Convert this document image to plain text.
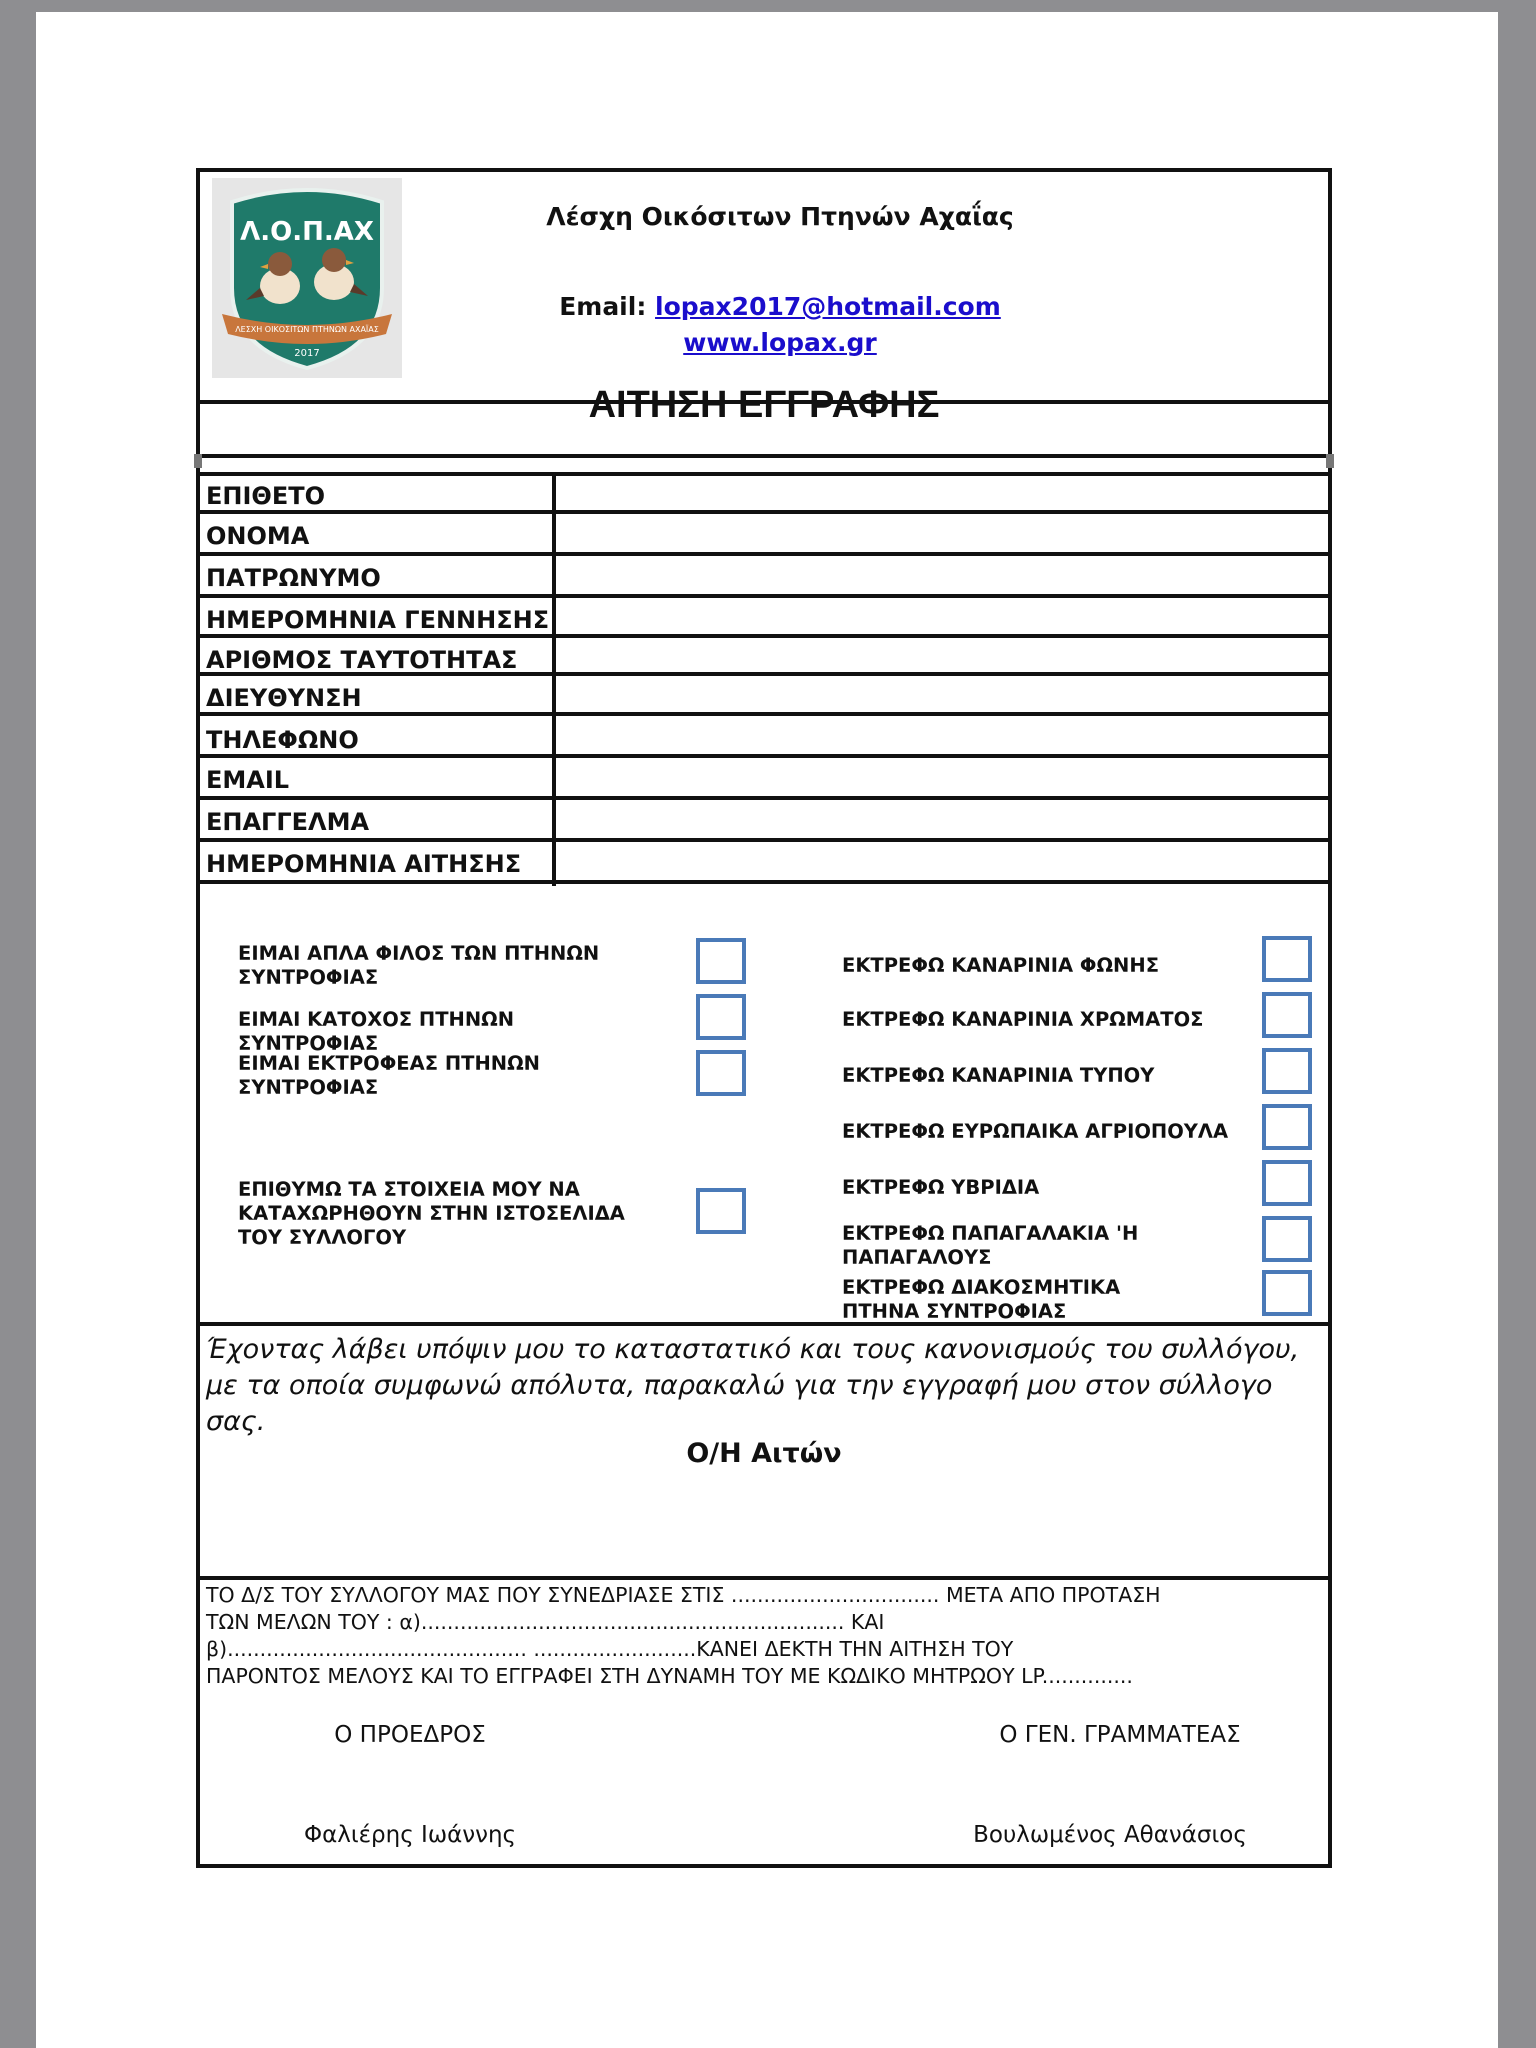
Λ.Ο.Π.ΑΧ
ΛΕΣΧΗ ΟΙΚΟΣΙΤΩΝ ΠΤΗΝΩΝ ΑΧΑΪΑΣ
2017
Λέσχη Οικόσιτων Πτηνών Αχαΐας
Email: lopax2017@hotmail.com
www.lopax.gr
ΑΙΤΗΣΗ ΕΓΓΡΑΦΗΣ
ΕΠΙΘΕΤΟ
ΟΝΟΜΑ
ΠΑΤΡΩΝΥΜΟ
ΗΜΕΡΟΜΗΝΙΑ ΓΕΝΝΗΣΗΣ
ΑΡΙΘΜΟΣ ΤΑΥΤΟΤΗΤΑΣ
ΔΙΕΥΘΥΝΣΗ
ΤΗΛΕΦΩΝΟ
EMAIL
ΕΠΑΓΓΕΛΜΑ
ΗΜΕΡΟΜΗΝΙΑ ΑΙΤΗΣΗΣ
ΕΙΜΑΙ ΑΠΛΑ ΦΙΛΟΣ ΤΩΝ ΠΤΗΝΩΝ ΣΥΝΤΡΟΦΙΑΣ
ΕΙΜΑΙ ΚΑΤΟΧΟΣ ΠΤΗΝΩΝ ΣΥΝΤΡΟΦΙΑΣ
ΕΙΜΑΙ ΕΚΤΡΟΦΕΑΣ ΠΤΗΝΩΝ ΣΥΝΤΡΟΦΙΑΣ
ΕΠΙΘΥΜΩ ΤΑ ΣΤΟΙΧΕΙΑ ΜΟΥ ΝΑ ΚΑΤΑΧΩΡΗΘΟΥΝ ΣΤΗΝ ΙΣΤΟΣΕΛΙΔΑ ΤΟΥ ΣΥΛΛΟΓΟΥ
ΕΚΤΡΕΦΩ ΚΑΝΑΡΙΝΙΑ ΦΩΝΗΣ
ΕΚΤΡΕΦΩ ΚΑΝΑΡΙΝΙΑ ΧΡΩΜΑΤΟΣ
ΕΚΤΡΕΦΩ ΚΑΝΑΡΙΝΙΑ ΤΥΠΟΥ
ΕΚΤΡΕΦΩ ΕΥΡΩΠΑΙΚΑ ΑΓΡΙΟΠΟΥΛΑ
ΕΚΤΡΕΦΩ ΥΒΡΙΔΙΑ
ΕΚΤΡΕΦΩ ΠΑΠΑΓΑΛΑΚΙΑ 'Η ΠΑΠΑΓΑΛΟΥΣ
ΕΚΤΡΕΦΩ ΔΙΑΚΟΣΜΗΤΙΚΑ ΠΤΗΝΑ ΣΥΝΤΡΟΦΙΑΣ
Έχοντας λάβει υπόψιν μου το καταστατικό και τους κανονισμούς του συλλόγου, με τα οποία συμφωνώ απόλυτα, παρακαλώ για την εγγραφή μου στον σύλλογο σας.
Ο/Η Αιτών
ΤΟ Δ/Σ ΤΟΥ ΣΥΛΛΟΓΟΥ ΜΑΣ ΠΟΥ ΣΥΝΕΔΡΙΑΣΕ ΣΤΙΣ ................................ ΜΕΤΑ ΑΠΟ ΠΡΟΤΑΣΗ
ΤΩΝ ΜΕΛΩΝ ΤΟΥ : α)................................................................. ΚΑΙ
β).............................................. .........................ΚΑΝΕΙ ΔΕΚΤΗ ΤΗΝ ΑΙΤΗΣΗ ΤΟΥ
ΠΑΡΟΝΤΟΣ ΜΕΛΟΥΣ ΚΑΙ ΤΟ ΕΓΓΡΑΦΕΙ ΣΤΗ ΔΥΝΑΜΗ ΤΟΥ ΜΕ ΚΩΔΙΚΟ ΜΗΤΡΩΟΥ LP..............
Ο ΠΡΟΕΔΡΟΣ	Ο ΓΕΝ. ΓΡΑΜΜΑΤΕΑΣ
Φαλιέρης Ιωάννης	Βουλωμένος Αθανάσιος
